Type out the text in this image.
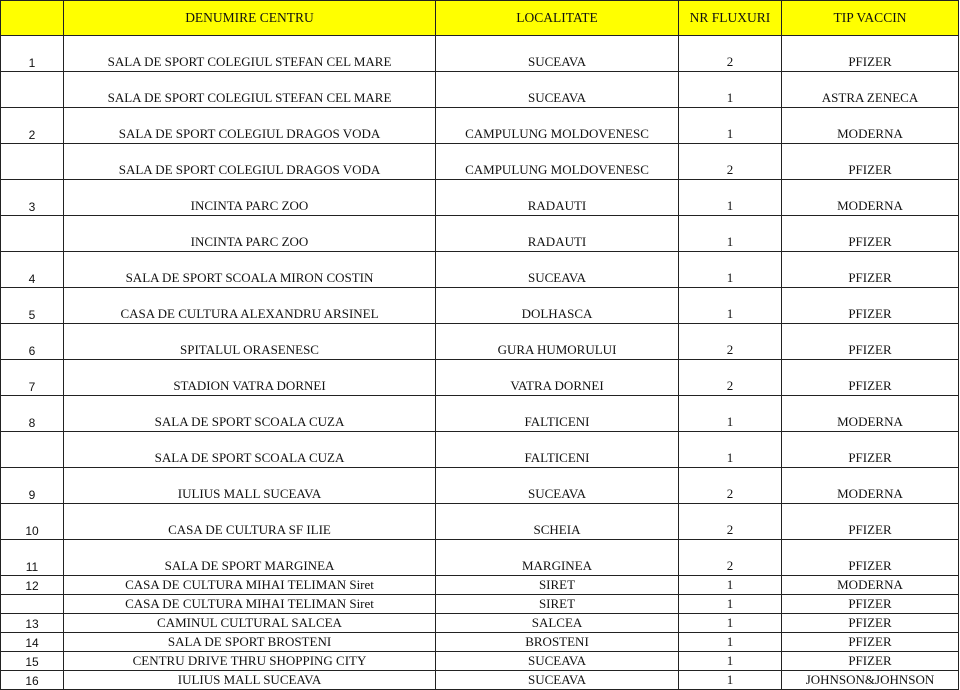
	DENUMIRE CENTRU	LOCALITATE	NR FLUXURI	TIP VACCIN
1	SALA DE SPORT COLEGIUL STEFAN CEL MARE	SUCEAVA	2	PFIZER
	SALA DE SPORT COLEGIUL STEFAN CEL MARE	SUCEAVA	1	ASTRA ZENECA
2	SALA DE SPORT COLEGIUL DRAGOS VODA	CAMPULUNG MOLDOVENESC	1	MODERNA
	SALA DE SPORT COLEGIUL DRAGOS VODA	CAMPULUNG MOLDOVENESC	2	PFIZER
3	INCINTA PARC ZOO	RADAUTI	1	MODERNA
	INCINTA PARC ZOO	RADAUTI	1	PFIZER
4	SALA DE SPORT SCOALA MIRON COSTIN	SUCEAVA	1	PFIZER
5	CASA DE CULTURA ALEXANDRU ARSINEL	DOLHASCA	1	PFIZER
6	SPITALUL ORASENESC	GURA HUMORULUI	2	PFIZER
7	STADION VATRA DORNEI	VATRA DORNEI	2	PFIZER
8	SALA DE SPORT SCOALA CUZA	FALTICENI	1	MODERNA
	SALA DE SPORT SCOALA CUZA	FALTICENI	1	PFIZER
9	IULIUS MALL SUCEAVA	SUCEAVA	2	MODERNA
10	CASA DE CULTURA SF ILIE	SCHEIA	2	PFIZER
11	SALA DE SPORT MARGINEA	MARGINEA	2	PFIZER
12	CASA DE CULTURA MIHAI TELIMAN Siret	SIRET	1	MODERNA
	CASA DE CULTURA MIHAI TELIMAN Siret	SIRET	1	PFIZER
13	CAMINUL CULTURAL SALCEA	SALCEA	1	PFIZER
14	SALA DE SPORT BROSTENI	BROSTENI	1	PFIZER
15	CENTRU DRIVE THRU SHOPPING CITY	SUCEAVA	1	PFIZER
16	IULIUS MALL SUCEAVA	SUCEAVA	1	JOHNSON&JOHNSON
